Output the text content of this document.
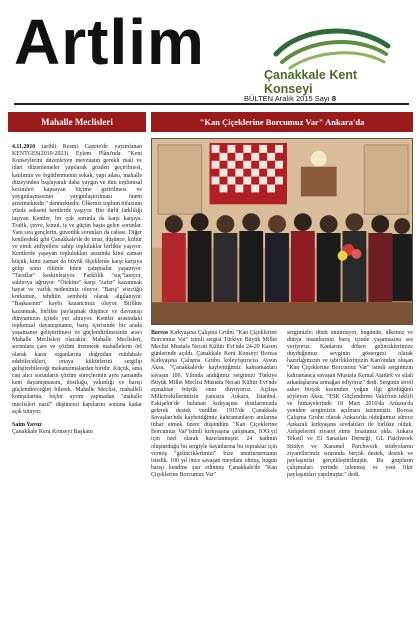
Artlim	Çanakkale Kent Konseyi
BÜLTEN Aralık 2015 Sayı 8
Mahalle Meclisleri

4.11.2010 tarihli Resmi Gazete'de yayımlanan KENTGES(2010-2023) Eylem Plânı'nda "Kent Konseylerini düzenleyen mevzuatın gerekli mali ve idari düzenlemeler yapılarak gözden geçirilmesi, katılımın ve örgütlenmenin sokak, yapı adası, mahalle düzeyinden başlayarak daha yaygın ve tüm toplumsal kesimleri kapsayan biçime getirilmesi ve yaygınlaşmasının yaygınlaştırılması önem arzetmektedir." denmektedir. Ülkemiz toplum tüfasının yüzde sekseni kentlerde yaşıyor. Her türlü farklılığı taşıyan Kentler, bir çok sorunla da karşı karşıya. Trafik, çevre, konut, iş ve güçün başta gelen sorunlar. Yanı sıra gençlerin, güvenlik sorunları da cabası. Diğer kentlerdeki gibi Çanakkale'de de imar, düşünce, kültür ve etnik aidiyetlere sahip topluluklar birlikte yaşıyor. Kentlerde yaşayan toplulukları arasında kimi zaman küçük, kimi zaman da büyük ölçeklerde karşı karşıya gelip sonu ölümle biten çatışmalar yaşanıyor. "Taraflar" keskinleşiyor. Farklılık "suç"lanıyor, saldırıya uğruyor. "Ötekine" karşı "zafer" kazanmak hayat ve varlık nedenimiz oluyor. "Barış" sözcüğü korkunun, tehditin sembolü olarak algılanıyor. "Başkasının" kaybı kazancımız oluyor. Birlikte kazanmak, birlikte paylaşmak düşünce ve davranışı dünyamızın içinde yer almıyor. Kentler arasındaki toplumsal dayanışmanın, barış içerisinde bir arada yaşamanın geliştirilmesi ve güçlendirilmesinin aracı Mahalle Meclisleri olacaktır. Mahalle Meclisleri, sorunlara çare ve çözüm üretmede mahallelerin örf olarak karar organlarına doğrudan müdahale edebilecekleri, ortaya kültürlerini sergilip geliştirebileceği mekanizmalardan biridir. Küçük, ama can alıcı sorunların çözüm süreçlerinin aynı zamanda kent dayanışmasını, dostluğu, yakınlığı ve barışı güçlendireceğini bilerek. Mahalle Meclisi, mahalleli komşularına, hiçbir ayrım yapmadan "mahalle meclisleri nasıl" düşüncesi kapılarını sonuna kadar açık tutuyor.

Saim Yavuz
Çanakkale Kent Konseyi Başkanı
"Kan Çiçeklerine Borcumuz Var" Ankara'da

Boreas Kırkyaşına Çalışma Grubu "Kan Çiçeklerine Borcumuz Var" isimli sergisi Türkiye Büyük Millet Meclisi Mustafa Necati Kültür Evi'nde 24-29 Kasım günlerinde açıldı. Çanakkale Kent Konseyi Boreas Kırkyaşına Çalışma Grubu koleyfıştırıcısı Aysun Aksu, "Çanakkale'de kaybettiğimiz kahramanları savaşın 100. Yılında andığımız sergimizi Türkiye Büyük Millet Meclisi Mustafa Necati Kültür Evi'nde açmaktan büyük onur duyuyoruz. Açılışa Milletvekillerimizin yanısıra Ankara, İstanbul, Eskişehir'de bulunan kırkyaşına dostlarımızda gelerek destek verdiler. 1915'de Çanakkale Savaşları'nda kaybettiğimiz kahramanların anılarına itibar etmek üzere düşündüm "Kan Çiçeklerine Borcumuz Var"isimli kırkyaşına çalışmanı, IOO.yıl için özel olarak hazırlanmıştır. 24 kadının oluşturduğu bu sergiyle hayatlarına bu topraklar için vermiş "gelinciklerimizi" bize unuttururmanın istedik. 100 yıl önce savaşan meydanı olmuş, bugün barışı kendine şiar edinmiş Çanakkale'de "Kan Çiçeklerine Borcumuz Var"

sergimizle; dünü unutmuyor, bugünün, ülkemiz ve dünya insanlarının barış içinde yaşamasına ses veriyoruz. Kanlarını döken gelinciklerimize duyduğumuz sevginin göstergesi olarak hazırlığımızın ve işbirliklerimizin Kan'ondan oluşan "Kan Çiçeklerine Borcumuz Var" isimli sergimizin kahramanca savaşan Mustafa Kemal Atatürk ve silah arkadaşlarına armağan ediyoruz" dedi. Serginin siroil asker birçok kesimden yoğun ilgi gördüğünü söyleyen Aksu, "TSK Göçlendirme Vakfı'nın teklifi ve himayelerinde 18 Mart 2016'da Ankara'da yeniden sergimizin açılması istenmiştir. Boreas Çalışma Grubu olarak Ankara'da olduğumuz sürece Ankaralı kırkyaşına sevdalıları ile birlikte olduk. Anlıpelerini ziyaret etme fırsatımız olda. Ankara Tekstil ve El Sanatları Derneği, GL Patchwork Stüdyo ve Karamel Parchwork stüdyolarını ziyaretlerimiz sırasında birçok destek, destek ve paylaşımlar gerçekleştirilmiştir. Bu grupların çalışmaları yerinde izlenmiş ve yeni fikir paylaşımları yapılmıştır." dedi.
